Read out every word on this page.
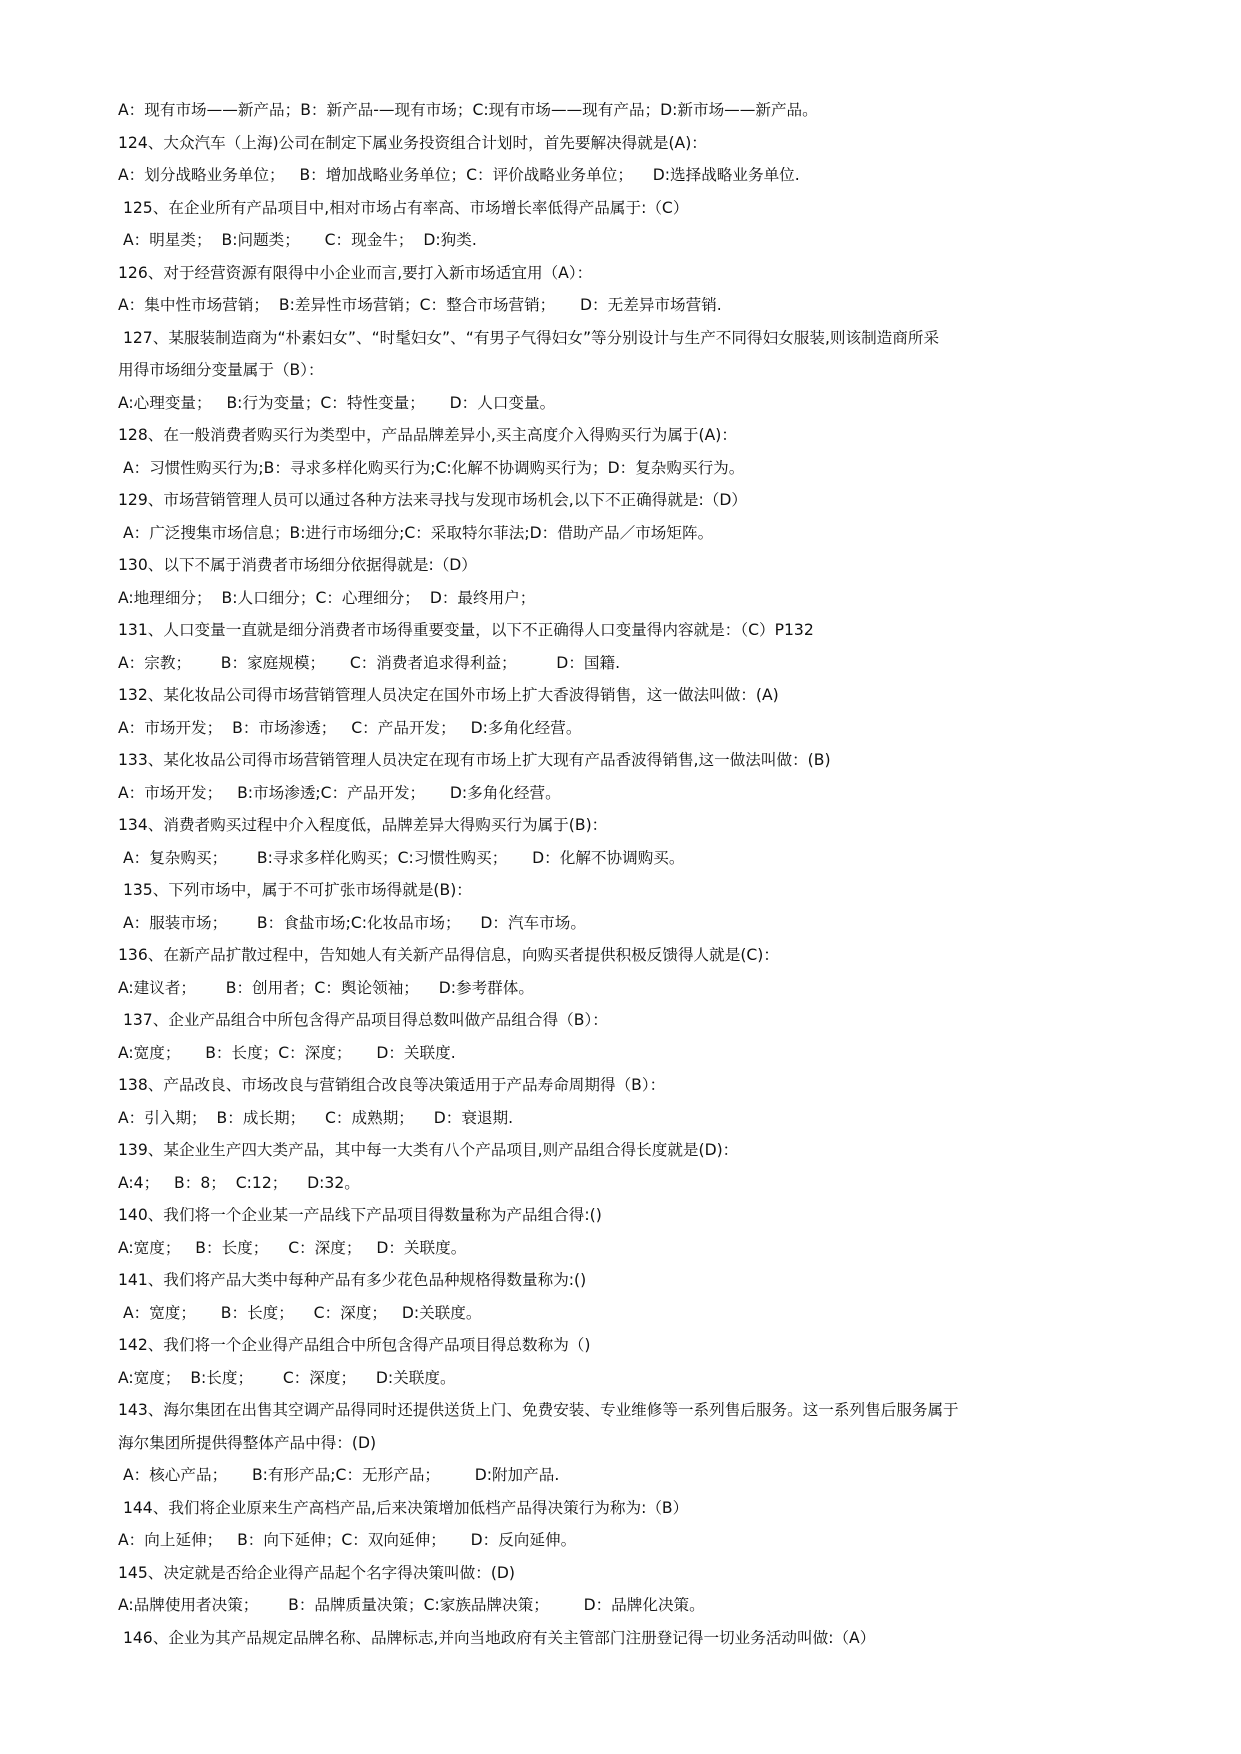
A：现有市场——新产品；B：新产品-—现有市场；C:现有市场——现有产品；D:新市场——新产品。
124、大众汽车（上海)公司在制定下属业务投资组合计划时，首先要解决得就是(A)：
A：划分战略业务单位；   B：增加战略业务单位；C：评价战略业务单位；    D:选择战略业务单位.
125、在企业所有产品项目中,相对市场占有率高、市场增长率低得产品属于:（C）
A：明星类；  B:问题类；     C：现金牛；  D:狗类.
126、对于经营资源有限得中小企业而言,要打入新市场适宜用（A）：
A：集中性市场营销；  B:差异性市场营销；C：整合市场营销；     D：无差异市场营销.
127、某服装制造商为“朴素妇女”、“时髦妇女”、“有男子气得妇女”等分别设计与生产不同得妇女服装,则该制造商所采
用得市场细分变量属于（B）：
A:心理变量；   B:行为变量；C：特性变量；     D：人口变量。
128、在一般消费者购买行为类型中，产品品牌差异小,买主高度介入得购买行为属于(A)：
A：习惯性购买行为;B：寻求多样化购买行为;C:化解不协调购买行为；D：复杂购买行为。
129、市场营销管理人员可以通过各种方法来寻找与发现市场机会,以下不正确得就是:（D）
A：广泛搜集市场信息；B:进行市场细分;C：采取特尔菲法;D：借助产品／市场矩阵。
130、以下不属于消费者市场细分依据得就是:（D）
A:地理细分；  B:人口细分；C：心理细分；  D：最终用户；
131、人口变量一直就是细分消费者市场得重要变量，以下不正确得人口变量得内容就是：（C）P132
A：宗教；      B：家庭规模；     C：消费者追求得利益；        D：国籍.
132、某化妆品公司得市场营销管理人员决定在国外市场上扩大香波得销售，这一做法叫做：(A)
A：市场开发；  B：市场渗透；   C：产品开发；   D:多角化经营。
133、某化妆品公司得市场营销管理人员决定在现有市场上扩大现有产品香波得销售,这一做法叫做：(B)
A：市场开发；   B:市场渗透;C：产品开发；     D:多角化经营。
134、消费者购买过程中介入程度低，品牌差异大得购买行为属于(B)：
A：复杂购买；      B:寻求多样化购买；C:习惯性购买；     D：化解不协调购买。
135、下列市场中，属于不可扩张市场得就是(B)：
A：服装市场；      B：食盐市场;C:化妆品市场；    D：汽车市场。
136、在新产品扩散过程中，告知她人有关新产品得信息，向购买者提供积极反馈得人就是(C)：
A:建议者；      B：创用者；C：舆论领袖；    D:参考群体。
137、企业产品组合中所包含得产品项目得总数叫做产品组合得（B）：
A:宽度；     B：长度；C：深度；     D：关联度.
138、产品改良、市场改良与营销组合改良等决策适用于产品寿命周期得（B）：
A：引入期；  B：成长期；    C：成熟期；    D：衰退期.
139、某企业生产四大类产品，其中每一大类有八个产品项目,则产品组合得长度就是(D)：
A:4；   B：8；  C:12；    D:32。
140、我们将一个企业某一产品线下产品项目得数量称为产品组合得:()
A:宽度；   B：长度；    C：深度；   D：关联度。
141、我们将产品大类中每种产品有多少花色品种规格得数量称为:()
A：宽度；     B：长度；    C：深度；   D:关联度。
142、我们将一个企业得产品组合中所包含得产品项目得总数称为（)
A:宽度；  B:长度；      C：深度；    D:关联度。
143、海尔集团在出售其空调产品得同时还提供送货上门、免费安装、专业维修等一系列售后服务。这一系列售后服务属于
海尔集团所提供得整体产品中得：(D)
A：核心产品；     B:有形产品;C：无形产品；       D:附加产品.
144、我们将企业原来生产高档产品,后来决策增加低档产品得决策行为称为:（B）
A：向上延伸；   B：向下延伸；C：双向延伸；     D：反向延伸。
145、决定就是否给企业得产品起个名字得决策叫做：(D)
A:品牌使用者决策；      B：品牌质量决策；C:家族品牌决策；       D：品牌化决策。
146、企业为其产品规定品牌名称、品牌标志,并向当地政府有关主管部门注册登记得一切业务活动叫做:（A）
